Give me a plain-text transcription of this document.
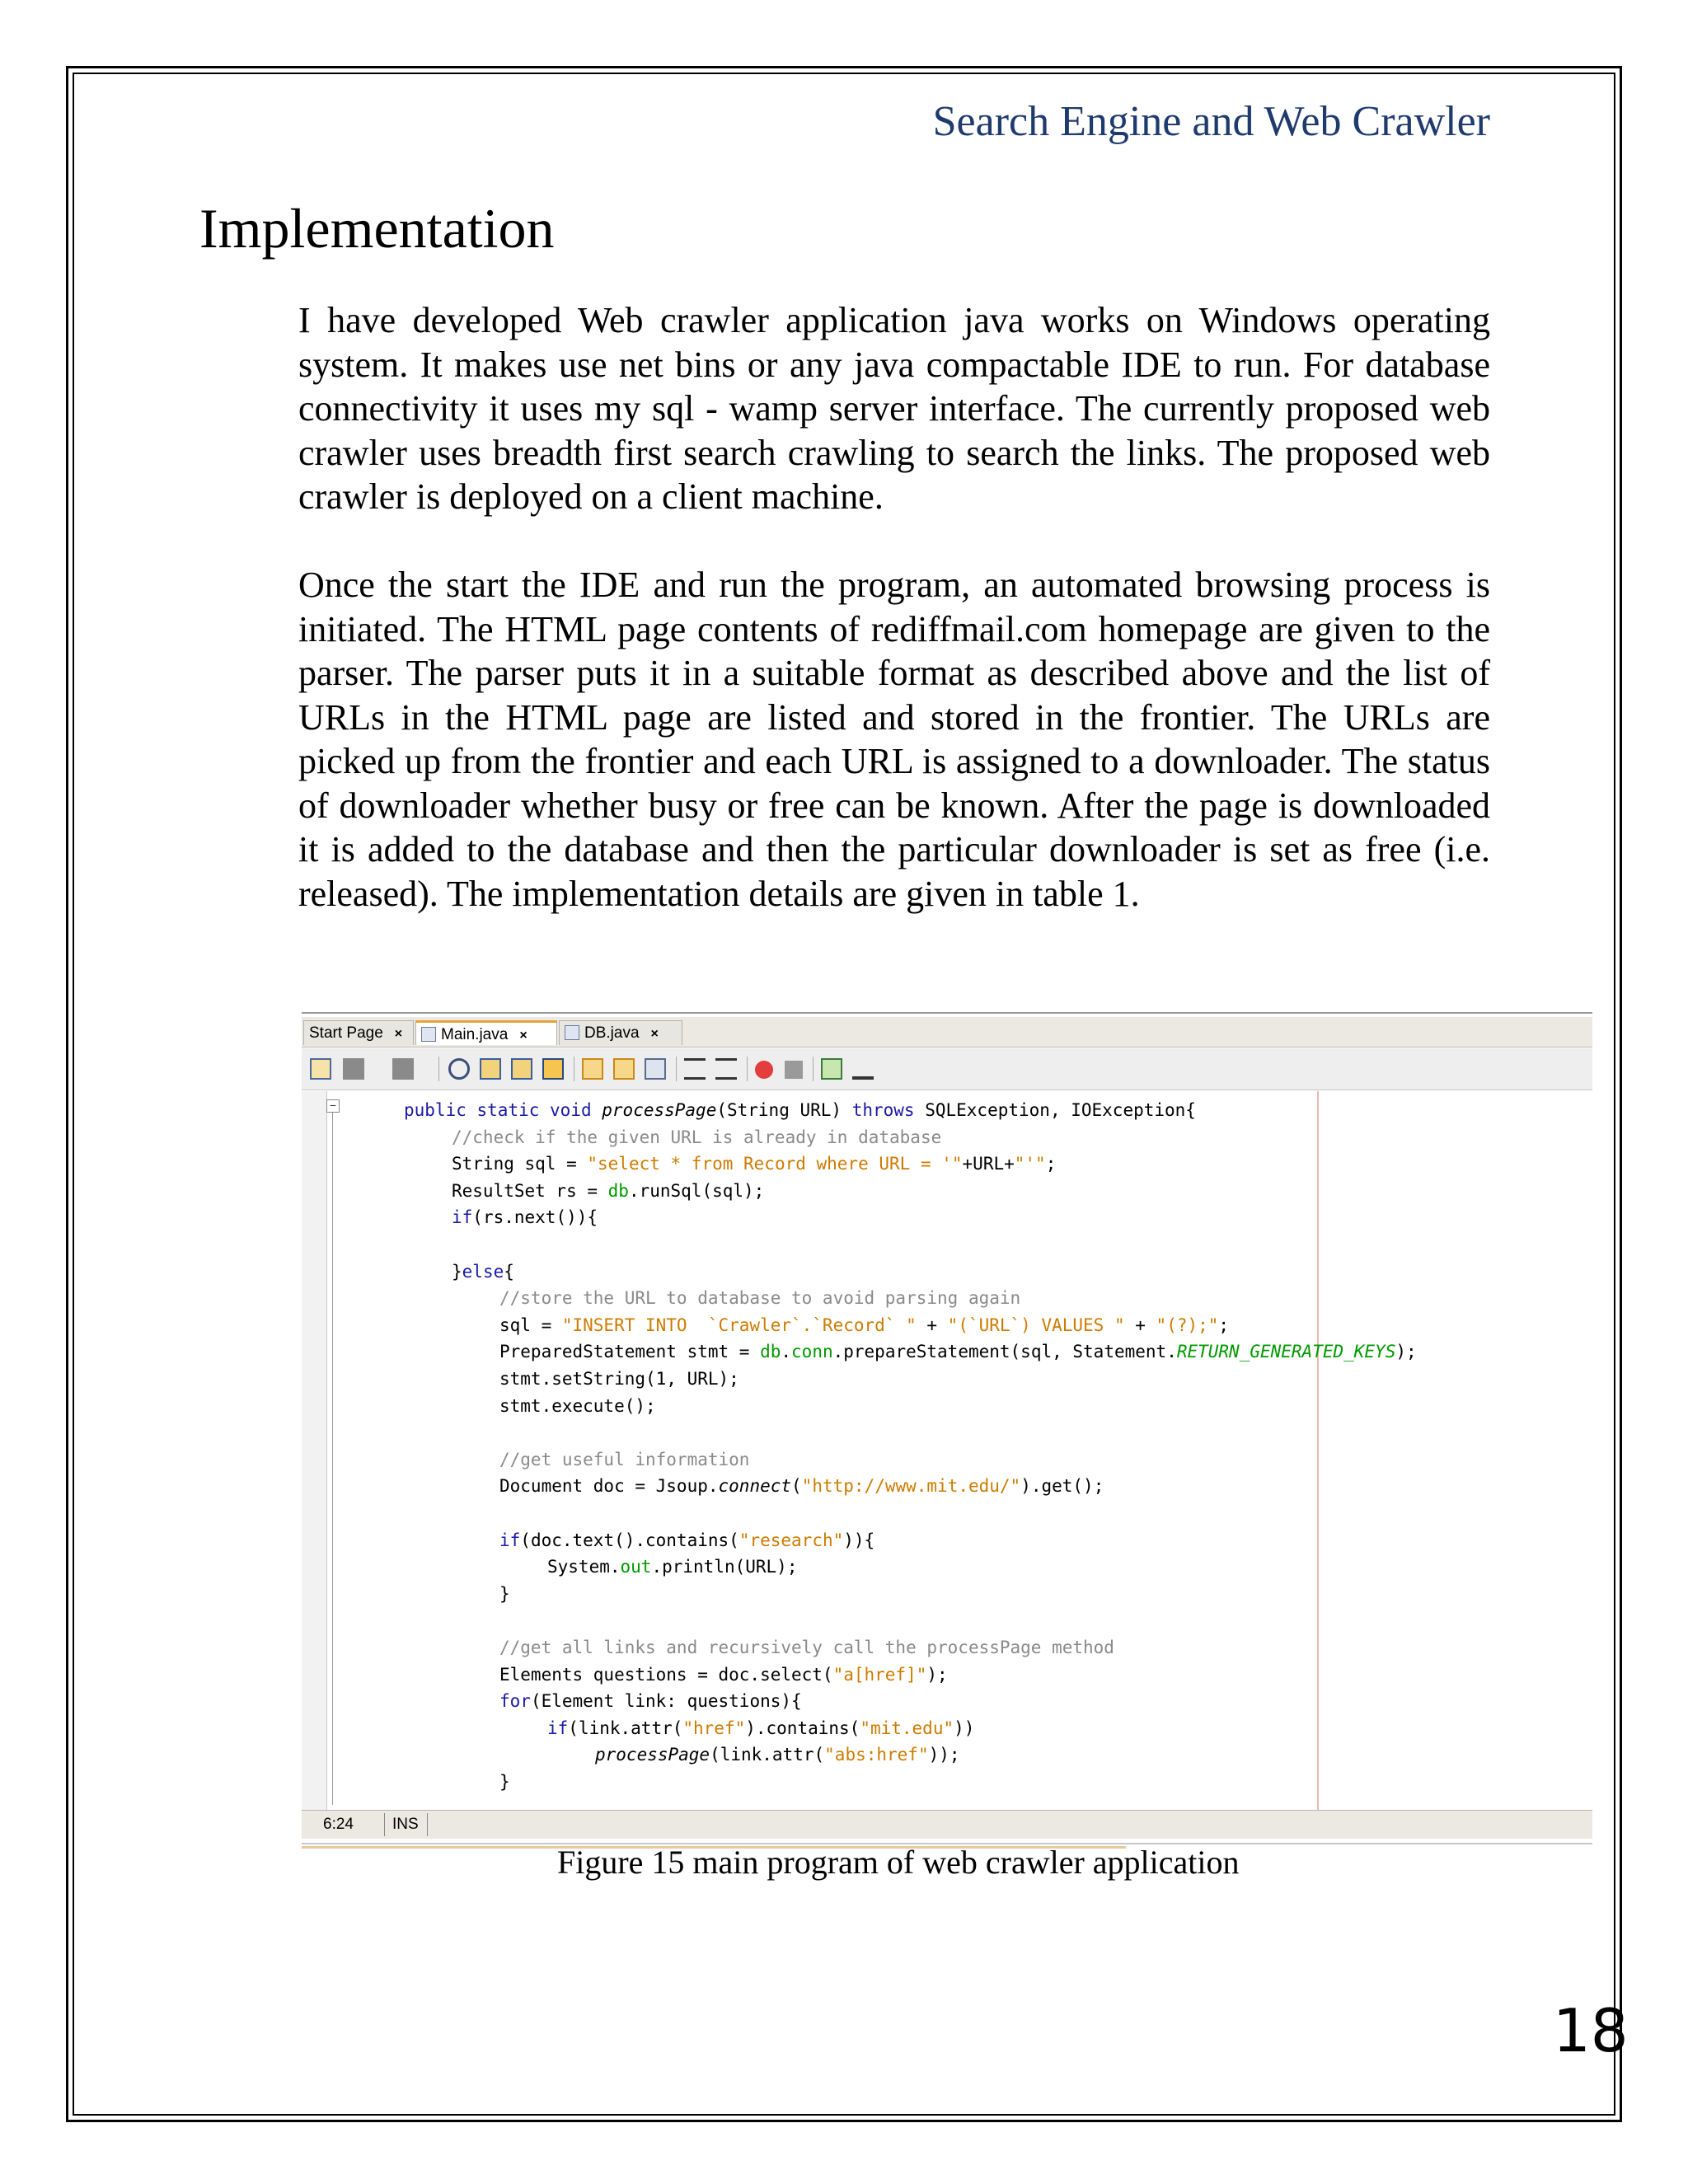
Search Engine and Web Crawler
Implementation

I have developed Web crawler application java works on Windows operating system. It makes use net bins or any java compactable IDE to run. For database connectivity it uses my sql - wamp server interface. The currently proposed web crawler uses breadth first search crawling to search the links. The proposed web crawler is deployed on a client machine.

Once the start the IDE and run the program, an automated browsing process is initiated. The HTML page contents of rediffmail.com homepage are given to the parser. The parser puts it in a suitable format as described above and the list of URLs in the HTML page are listed and stored in the frontier. The URLs are picked up from the frontier and each URL is assigned to a downloader. The status of downloader whether busy or free can be known. After the page is downloaded it is added to the database and then the particular downloader is set as free (i.e. released). The implementation details are given in table 1.

Start Page ×	Main.java ×	DB.java ×
−	public static void processPage(String URL) throws SQLException, IOException{
//check if the given URL is already in database
String sql = "select * from Record where URL = '"+URL+"'";
ResultSet rs = db.runSql(sql);
if(rs.next()){
}else{
//store the URL to database to avoid parsing again
sql = "INSERT INTO  `Crawler`.`Record` " + "(`URL`) VALUES " + "(?);";
PreparedStatement stmt = db.conn.prepareStatement(sql, Statement.RETURN_GENERATED_KEYS);
stmt.setString(1, URL);
stmt.execute();
//get useful information
Document doc = Jsoup.connect("http://www.mit.edu/").get();
if(doc.text().contains("research")){
System.out.println(URL);
}
//get all links and recursively call the processPage method
Elements questions = doc.select("a[href]");
for(Element link: questions){
if(link.attr("href").contains("mit.edu"))
processPage(link.attr("abs:href"));
}
6:24 INS
Figure 15 main program of web crawler application
18
